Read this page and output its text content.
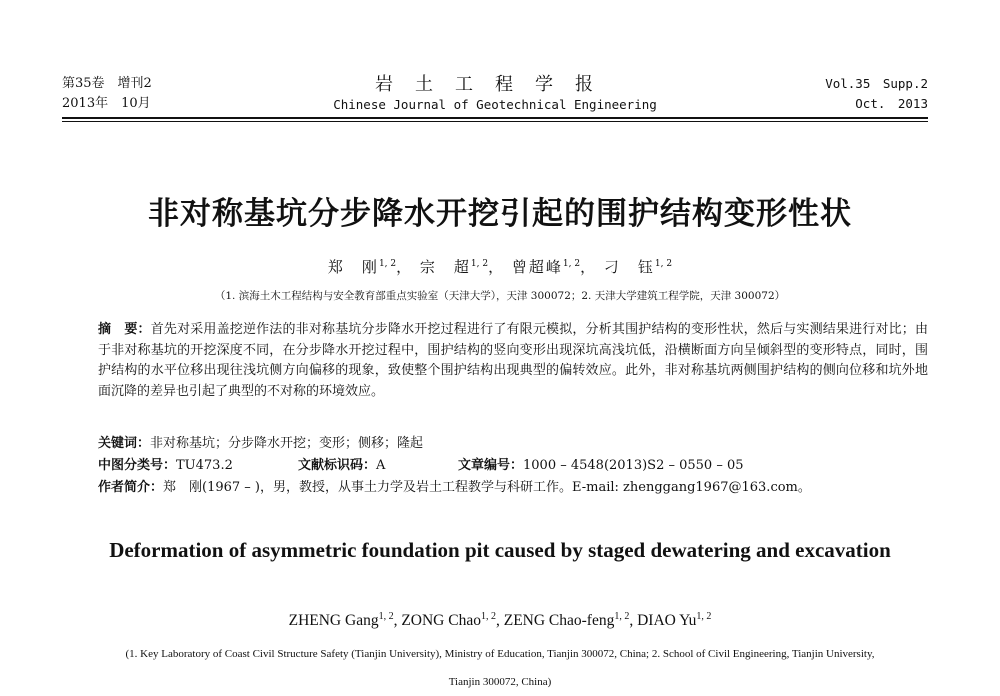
第35卷　增刊2
2013年　10月
岩土工程学报
Chinese Journal of Geotechnical Engineering
Vol.35　Supp.2
Oct.　2013
非对称基坑分步降水开挖引起的围护结构变形性状
郑　刚$^{1, 2}$， 宗　超$^{1, 2}$， 曾超峰$^{1, 2}$， 刁　钰$^{1, 2}$
（1. 滨海土木工程结构与安全教育部重点实验室（天津大学），天津 300072；2. 天津大学建筑工程学院，天津 300072）
摘　要：首先对采用盖挖逆作法的非对称基坑分步降水开挖过程进行了有限元模拟，分析其围护结构的变形性状，然后与实测结果进行对比；由于非对称基坑的开挖深度不同，在分步降水开挖过程中，围护结构的竖向变形出现深坑高浅坑低，沿横断面方向呈倾斜型的变形特点，同时，围护结构的水平位移出现往浅坑侧方向偏移的现象，致使整个围护结构出现典型的偏转效应。此外，非对称基坑两侧围护结构的侧向位移和坑外地面沉降的差异也引起了典型的不对称的环境效应。
关键词：非对称基坑；分步降水开挖；变形；侧移；隆起
中图分类号：TU473.2	文献标识码：A	文章编号：1000 – 4548(2013)S2 – 0550 – 05
作者简介：郑　刚(1967 – )，男，教授，从事土力学及岩土工程教学与科研工作。E-mail: zhenggang1967@163.com。
Deformation of asymmetric foundation pit caused by staged dewatering and excavation
ZHENG Gang$^{1, 2}$, ZONG Chao$^{1, 2}$, ZENG Chao-feng$^{1, 2}$, DIAO Yu$^{1, 2}$
(1. Key Laboratory of Coast Civil Structure Safety (Tianjin University), Ministry of Education, Tianjin 300072, China; 2. School of Civil Engineering, Tianjin University, Tianjin 300072, China)
